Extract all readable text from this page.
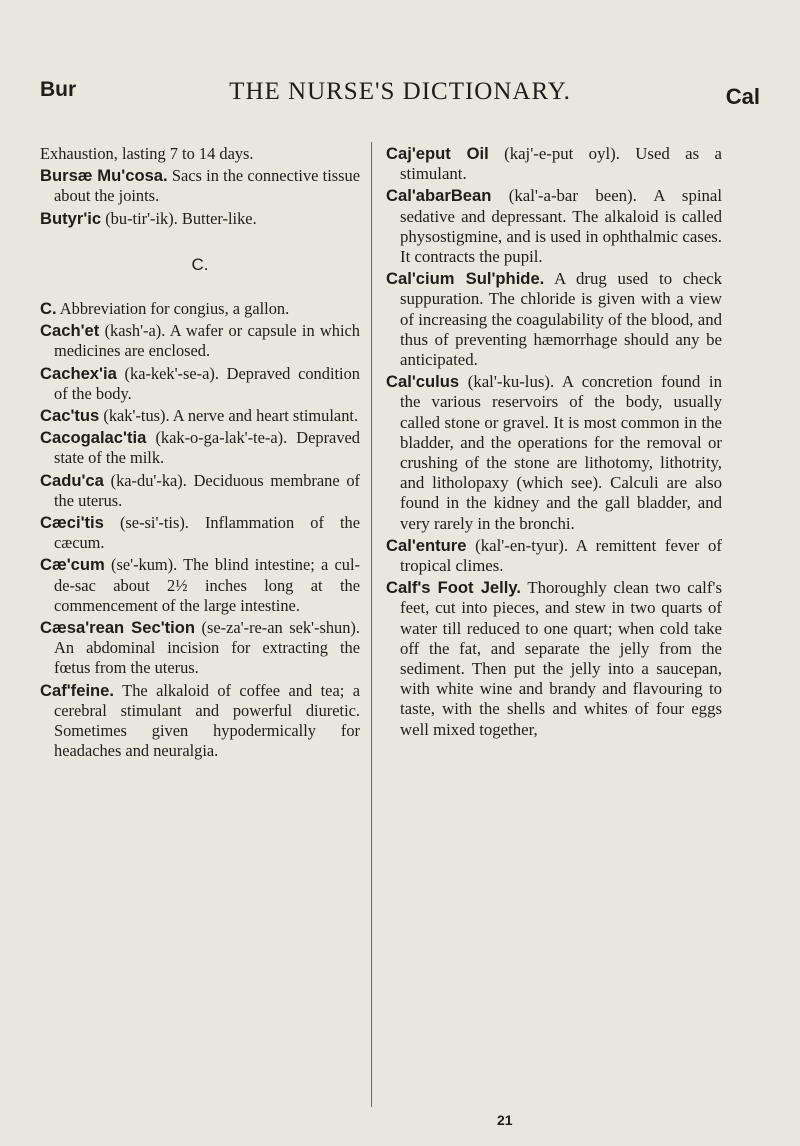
Bur	THE NURSE'S DICTIONARY.	Cal

Exhaustion, lasting 7 to 14 days.

Bursæ Mu'cosa. Sacs in the connective tissue about the joints.

Butyr'ic (bu-tir'-ik). Butter-like.

C.

C. Abbreviation for congius, a gallon.

Cach'et (kash'-a). A wafer or capsule in which medicines are enclosed.

Cachex'ia (ka-kek'-se-a). Depraved condition of the body.

Cac'tus (kak'-tus). A nerve and heart stimulant.

Cacogalac'tia (kak-o-ga-lak'-te-a). Depraved state of the milk.

Cadu'ca (ka-du'-ka). Deciduous membrane of the uterus.

Cæci'tis (se-si'-tis). Inflammation of the cæcum.

Cæ'cum (se'-kum). The blind intestine; a cul-de-sac about 2½ inches long at the commencement of the large intestine.

Cæsa'rean Sec'tion (se-za'-re-an sek'-shun). An abdominal incision for extracting the fœtus from the uterus.

Caf'feine. The alkaloid of coffee and tea; a cerebral stimulant and powerful diuretic. Sometimes given hypodermically for headaches and neuralgia.

Caj'eput Oil (kaj'-e-put oyl). Used as a stimulant.

Cal'abarBean (kal'-a-bar been). A spinal sedative and depressant. The alkaloid is called physostigmine, and is used in ophthalmic cases. It contracts the pupil.

Cal'cium Sul'phide. A drug used to check suppuration. The chloride is given with a view of increasing the coagulability of the blood, and thus of preventing hæmorrhage should any be anticipated.

Cal'culus (kal'-ku-lus). A concretion found in the various reservoirs of the body, usually called stone or gravel. It is most common in the bladder, and the operations for the removal or crushing of the stone are lithotomy, lithotrity, and litholopaxy (which see). Calculi are also found in the kidney and the gall bladder, and very rarely in the bronchi.

Cal'enture (kal'-en-tyur). A remittent fever of tropical climes.

Calf's Foot Jelly. Thoroughly clean two calf's feet, cut into pieces, and stew in two quarts of water till reduced to one quart; when cold take off the fat, and separate the jelly from the sediment. Then put the jelly into a saucepan, with white wine and brandy and flavouring to taste, with the shells and whites of four eggs well mixed together,

21
